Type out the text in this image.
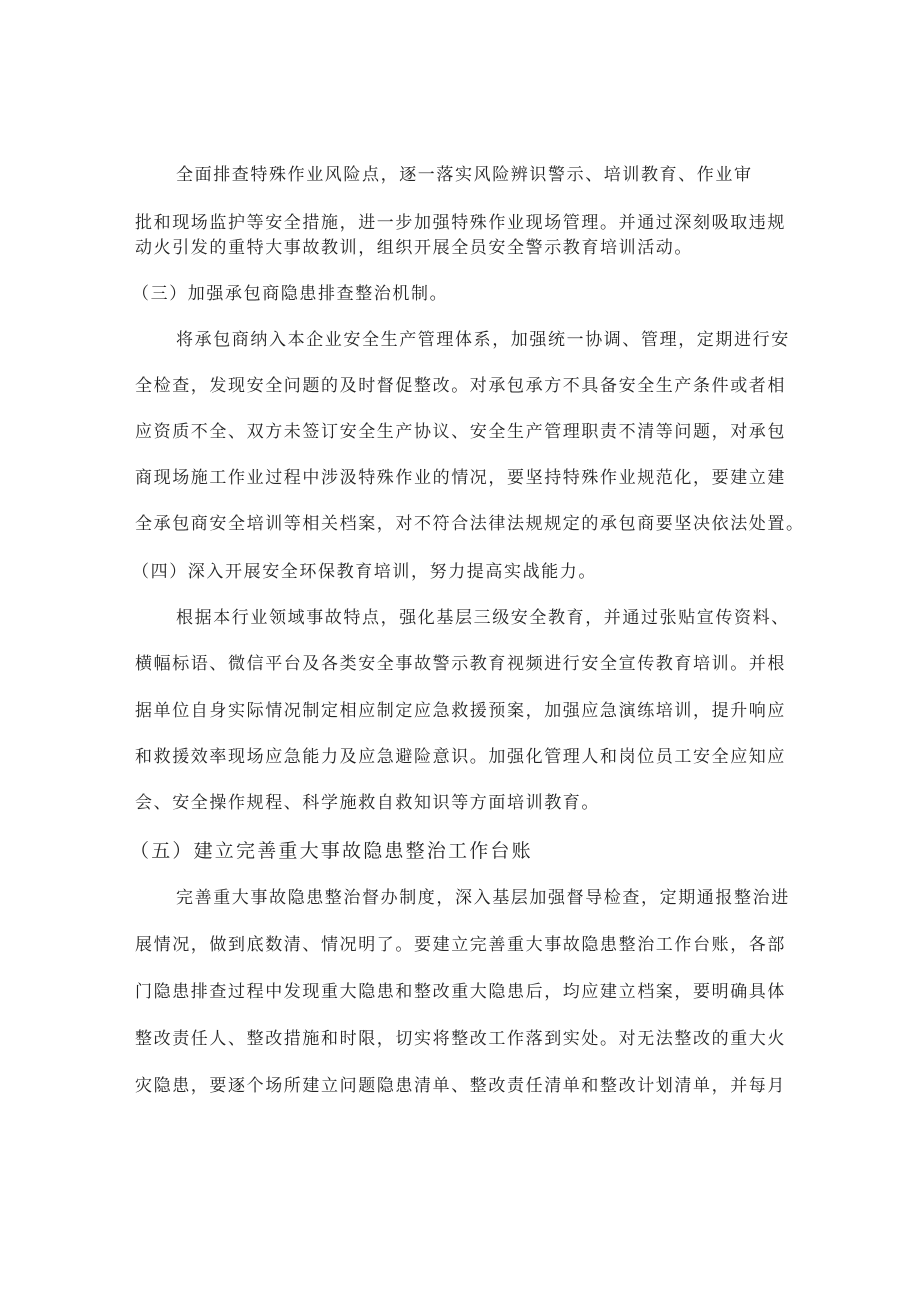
全面排查特殊作业风险点，逐一落实风险辨识警示、培训教育、作业审
批和现场监护等安全措施，进一步加强特殊作业现场管理。并通过深刻吸取违规
动火引发的重特大事故教训，组织开展全员安全警示教育培训活动。
（三）加强承包商隐患排查整治机制。
将承包商纳入本企业安全生产管理体系，加强统一协调、管理，定期进行安
全检查，发现安全问题的及时督促整改。对承包承方不具备安全生产条件或者相
应资质不全、双方未签订安全生产协议、安全生产管理职责不清等问题，对承包
商现场施工作业过程中涉汲特殊作业的情况，要坚持特殊作业规范化，要建立建
全承包商安全培训等相关档案，对不符合法律法规规定的承包商要坚决依法处置。
（四）深入开展安全环保教育培训，努力提高实战能力。
根据本行业领域事故特点，强化基层三级安全教育，并通过张贴宣传资料、
横幅标语、微信平台及各类安全事故警示教育视频进行安全宣传教育培训。并根
据单位自身实际情况制定相应制定应急救援预案，加强应急演练培训，提升响应
和救援效率现场应急能力及应急避险意识。加强化管理人和岗位员工安全应知应
会、安全操作规程、科学施救自救知识等方面培训教育。
（五）建立完善重大事故隐患整治工作台账
完善重大事故隐患整治督办制度，深入基层加强督导检查，定期通报整治进
展情况，做到底数清、情况明了。要建立完善重大事故隐患整治工作台账，各部
门隐患排查过程中发现重大隐患和整改重大隐患后，均应建立档案，要明确具体
整改责任人、整改措施和时限，切实将整改工作落到实处。对无法整改的重大火
灾隐患，要逐个场所建立问题隐患清单、整改责任清单和整改计划清单，并每月
